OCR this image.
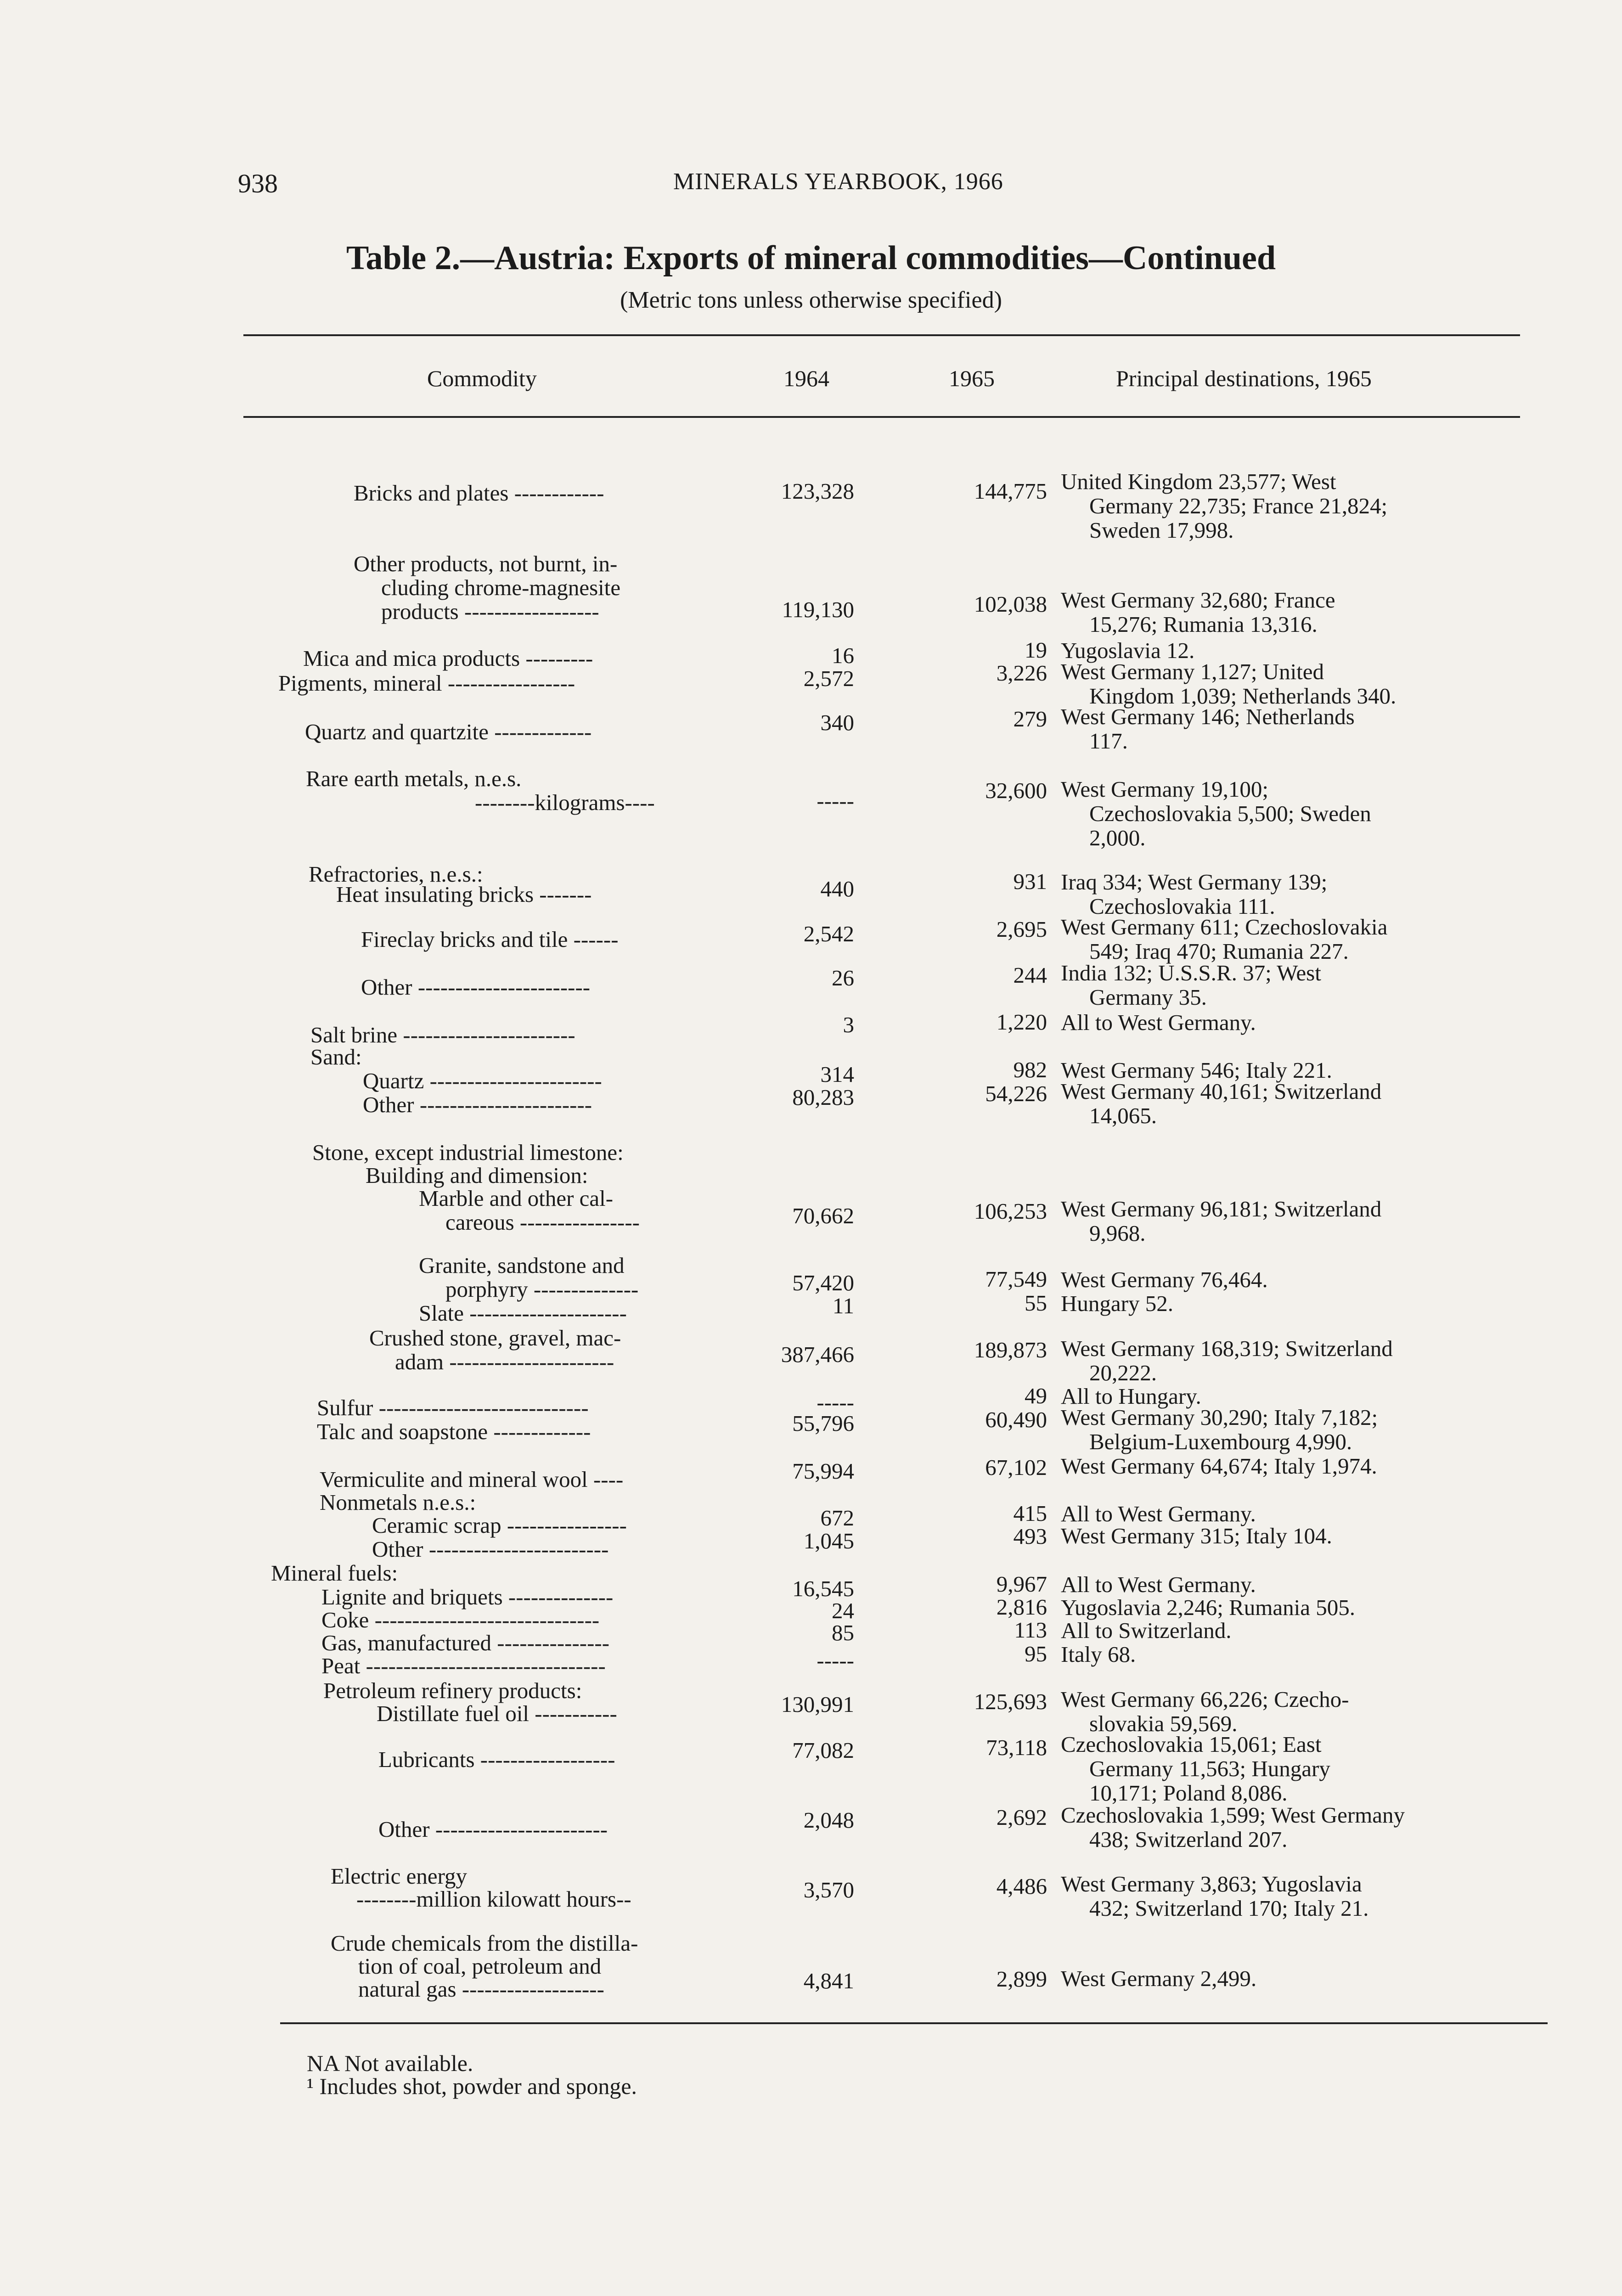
938	MINERALS YEARBOOK, 1966
Table 2.—Austria: Exports of mineral commodities—Continued
(Metric tons unless otherwise specified)
Commodity	1964	1965	Principal destinations, 1965
Bricks and plates ------------	123,328	144,775 United Kingdom 23,577; West
Germany 22,735; France 21,824;
Sweden 17,998.
Other products, not burnt, in-
cluding chrome-magnesite
products ------------------	119,130	102,038 West Germany 32,680; France
15,276; Rumania 13,316.
Mica and mica products ---------	16	19 Yugoslavia 12.
Pigments, mineral -----------------	2,572	3,226 West Germany 1,127; United
Kingdom 1,039; Netherlands 340.
Quartz and quartzite -------------	340	279 West Germany 146; Netherlands
117.
Rare earth metals, n.e.s.
--------kilograms----	-----	32,600 West Germany 19,100;
Czechoslovakia 5,500; Sweden
2,000.
Refractories, n.e.s.:
Heat insulating bricks -------	440	931 Iraq 334; West Germany 139;
Czechoslovakia 111.
Fireclay bricks and tile ------	2,542	2,695 West Germany 611; Czechoslovakia
549; Iraq 470; Rumania 227.
Other -----------------------	26	244 India 132; U.S.S.R. 37; West
Germany 35.
Salt brine -----------------------	3	1,220 All to West Germany.
Sand:
Quartz -----------------------	314	982 West Germany 546; Italy 221.
Other -----------------------	80,283	54,226 West Germany 40,161; Switzerland
14,065.
Stone, except industrial limestone:
Building and dimension:
Marble and other cal-
careous ----------------	70,662	106,253 West Germany 96,181; Switzerland
9,968.
Granite, sandstone and
porphyry --------------	57,420	77,549 West Germany 76,464.
Slate ---------------------	11	55 Hungary 52.
Crushed stone, gravel, mac-
adam ----------------------	387,466	189,873 West Germany 168,319; Switzerland
20,222.
Sulfur ----------------------------	-----	49 All to Hungary.
Talc and soapstone -------------	55,796	60,490 West Germany 30,290; Italy 7,182;
Belgium-Luxembourg 4,990.
Vermiculite and mineral wool ----	75,994	67,102 West Germany 64,674; Italy 1,974.
Nonmetals n.e.s.:
Ceramic scrap ----------------	672	415 All to West Germany.
Other ------------------------	1,045	493 West Germany 315; Italy 104.
Mineral fuels:
Lignite and briquets --------------	16,545	9,967 All to West Germany.
Coke ------------------------------	24	2,816 Yugoslavia 2,246; Rumania 505.
Gas, manufactured ---------------	85	113 All to Switzerland.
Peat --------------------------------	-----	95 Italy 68.
Petroleum refinery products:
Distillate fuel oil -----------	130,991	125,693 West Germany 66,226; Czecho-
slovakia 59,569.
Lubricants ------------------	77,082	73,118 Czechoslovakia 15,061; East
Germany 11,563; Hungary
10,171; Poland 8,086.
Other -----------------------	2,048	2,692 Czechoslovakia 1,599; West Germany
438; Switzerland 207.
Electric energy
--------million kilowatt hours--	3,570	4,486 West Germany 3,863; Yugoslavia
432; Switzerland 170; Italy 21.
Crude chemicals from the distilla-
tion of coal, petroleum and
natural gas -------------------	4,841	2,899 West Germany 2,499.
NA Not available.
¹ Includes shot, powder and sponge.
